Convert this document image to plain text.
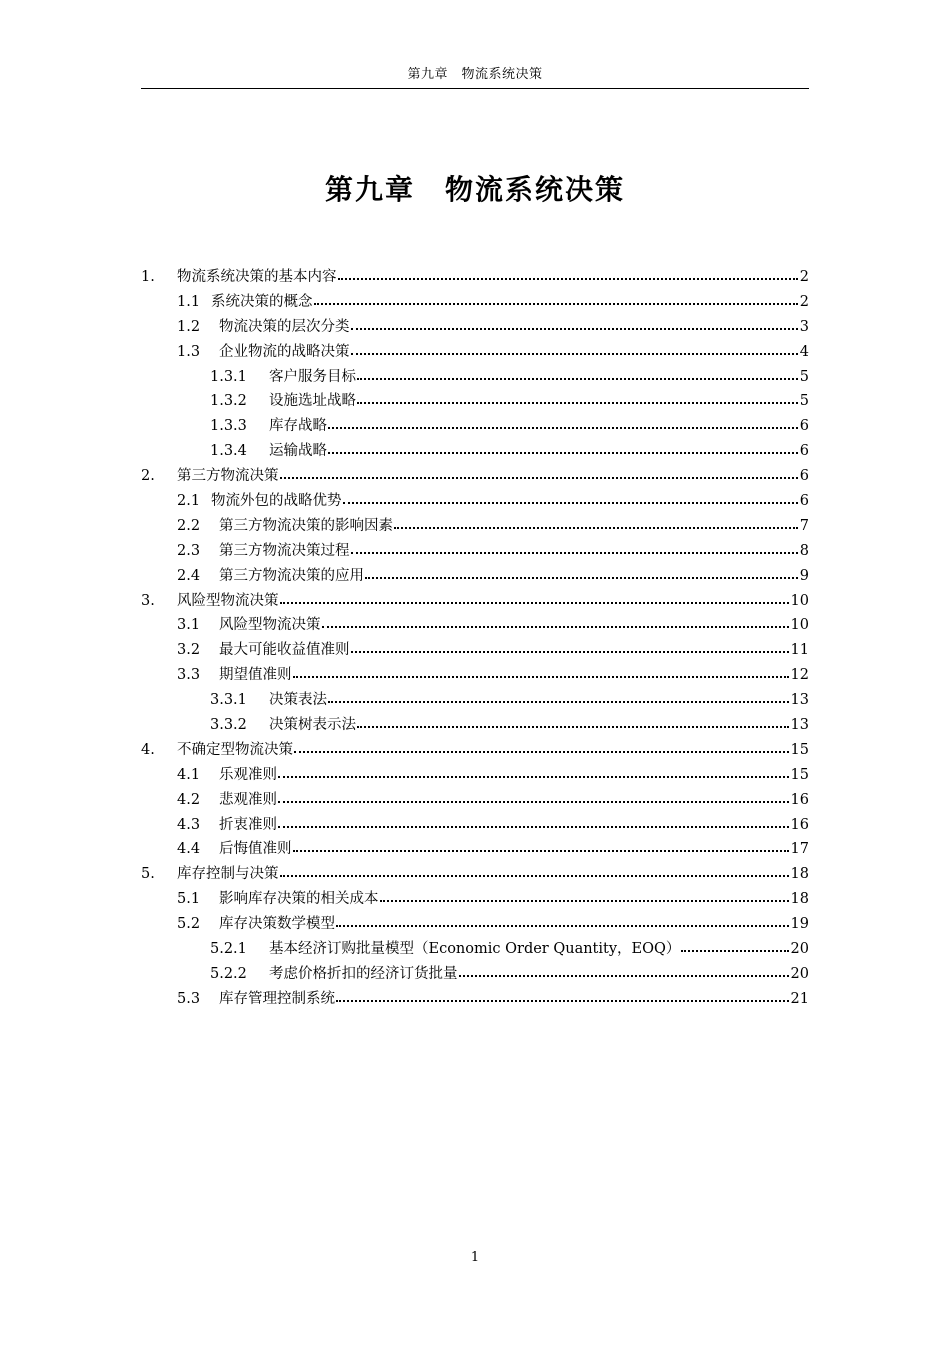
第九章　物流系统决策
第九章　物流系统决策
1.	物流系统决策的基本内容	2
1.1 系统决策的概念	2
1.2	物流决策的层次分类	3
1.3	企业物流的战略决策	4
1.3.1	客户服务目标	5
1.3.2	设施选址战略	5
1.3.3	库存战略	6
1.3.4	运输战略	6
2.	第三方物流决策	6
2.1 物流外包的战略优势	6
2.2	第三方物流决策的影响因素	7
2.3	第三方物流决策过程	8
2.4	第三方物流决策的应用	9
3.	风险型物流决策	10
3.1	风险型物流决策	10
3.2	最大可能收益值准则	11
3.3	期望值准则	12
3.3.1	决策表法	13
3.3.2	决策树表示法	13
4.	不确定型物流决策	15
4.1	乐观准则	15
4.2	悲观准则	16
4.3	折衷准则	16
4.4	后悔值准则	17
5.	库存控制与决策	18
5.1	影响库存决策的相关成本	18
5.2	库存决策数学模型	19
5.2.1	基本经济订购批量模型（Economic Order Quantity，EOQ）	20
5.2.2	考虑价格折扣的经济订货批量	20
5.3	库存管理控制系统	21
1
